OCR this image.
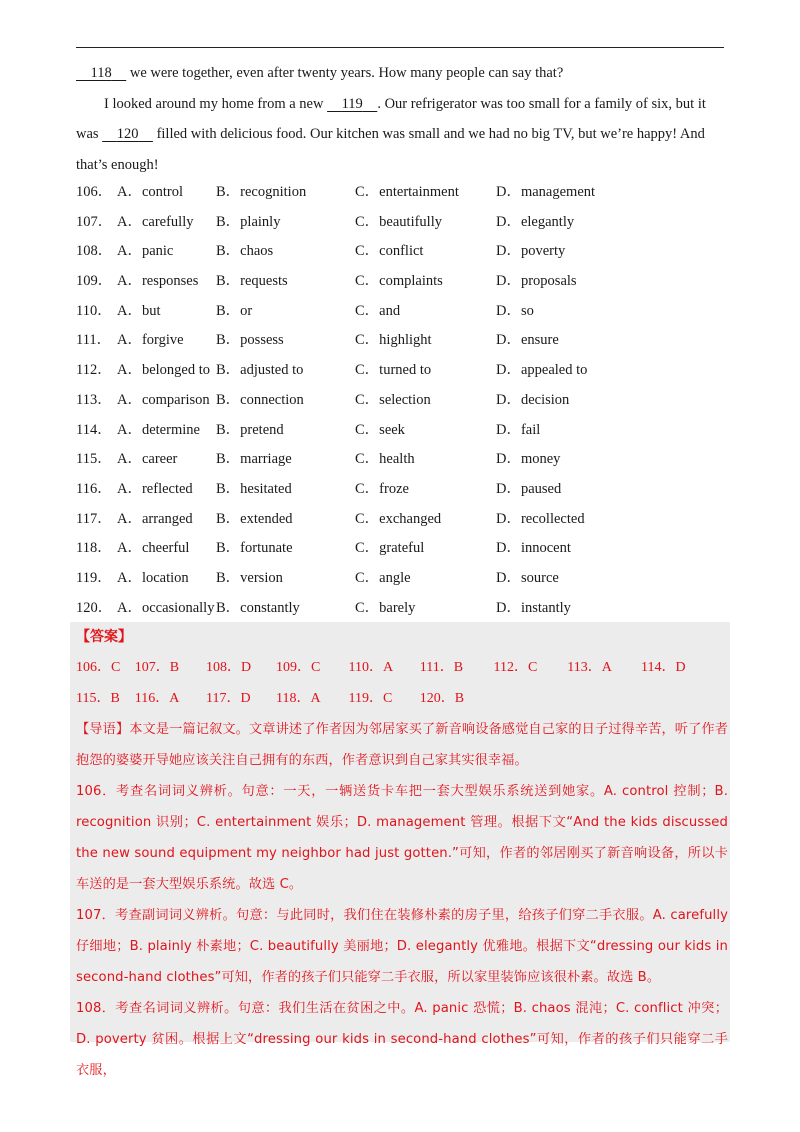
118     we were together, even after twenty years. How many people can say that?

I looked around my home from a new     119 . Our refrigerator was too small for a family of six, but it was     120     filled with delicious food. Our kitchen was small and we had no big TV, but we’re happy! And that’s enough!

106． A．control B．recognition	C．entertainment	D．management
107． A．carefully B．plainly	C．beautifully	D．elegantly
108． A．panic	B．chaos	C．conflict	D．poverty
109． A．responses B．requests	C．complaints	D．proposals
110． A．but	B．or	C．and	D．so
111． A．forgive B．possess	C．highlight	D．ensure
112． A．belonged to B．adjusted to	C．turned to	D．appealed to
113． A．comparison B．connection	C．selection	D．decision
114． A．determine B．pretend	C．seek	D．fail
115． A．career	B．marriage	C．health	D．money
116． A．reflected B．hesitated	C．froze	D．paused
117． A．arranged B．extended	C．exchanged	D．recollected
118． A．cheerful B．fortunate	C．grateful	D．innocent
119． A．location B．version	C．angle	D．source
120． A．occasionally B．constantly	C．barely	D．instantly
【答案】
106．C 107．B 108．D 109．C 110．A 111．B 112．C 113．A 114．D
115．B 116．A 117．D 118．A 119．C 120．B

【导语】本文是一篇记叙文。文章讲述了作者因为邻居家买了新音响设备感觉自己家的日子过得辛苦，听了作者抱怨的婆婆开导她应该关注自己拥有的东西，作者意识到自己家其实很幸福。

106．考查名词词义辨析。句意：一天，一辆送货卡车把一套大型娱乐系统送到她家。A. control 控制；B. recognition 识别；C. entertainment 娱乐；D. management 管理。根据下文“And the kids discussed the new sound equipment my neighbor had just gotten.”可知，作者的邻居刚买了新音响设备，所以卡车送的是一套大型娱乐系统。故选 C。

107．考查副词词义辨析。句意：与此同时，我们住在装修朴素的房子里，给孩子们穿二手衣服。A. carefully 仔细地；B. plainly 朴素地；C. beautifully 美丽地；D. elegantly 优雅地。根据下文“dressing our kids in second-hand clothes”可知，作者的孩子们只能穿二手衣服，所以家里装饰应该很朴素。故选 B。

108．考查名词词义辨析。句意：我们生活在贫困之中。A. panic 恐慌；B. chaos 混沌；C. conflict 冲突；D. poverty 贫困。根据上文“dressing our kids in second-hand clothes”可知，作者的孩子们只能穿二手衣服，
